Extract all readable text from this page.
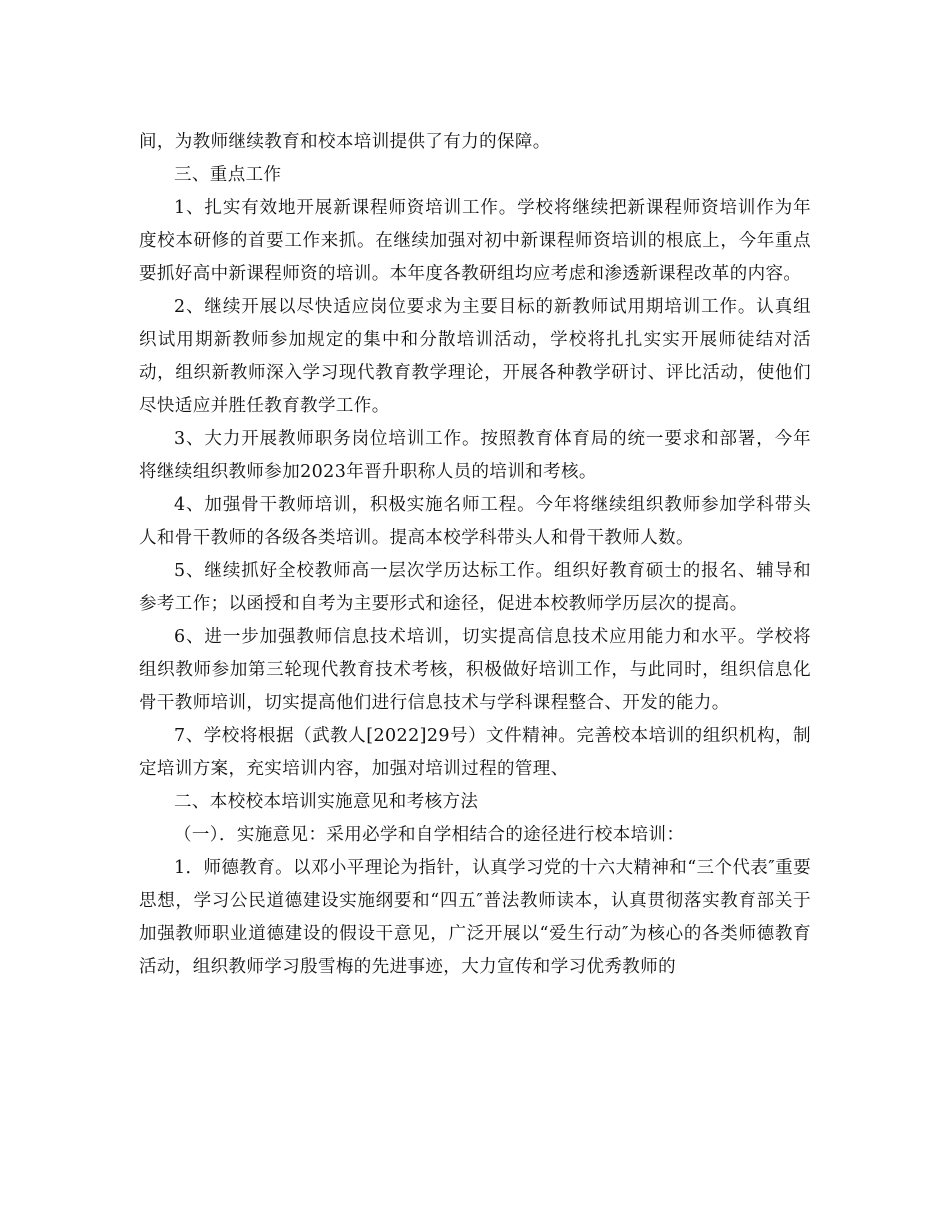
间，为教师继续教育和校本培训提供了有力的保障。

三、重点工作

1、扎实有效地开展新课程师资培训工作。学校将继续把新课程师资培训作为年度校本研修的首要工作来抓。在继续加强对初中新课程师资培训的根底上，今年重点要抓好高中新课程师资的培训。本年度各教研组均应考虑和渗透新课程改革的内容。

2、继续开展以尽快适应岗位要求为主要目标的新教师试用期培训工作。认真组织试用期新教师参加规定的集中和分散培训活动，学校将扎扎实实开展师徒结对活动，组织新教师深入学习现代教育教学理论，开展各种教学研讨、评比活动，使他们尽快适应并胜任教育教学工作。

3、大力开展教师职务岗位培训工作。按照教育体育局的统一要求和部署，今年将继续组织教师参加2023年晋升职称人员的培训和考核。

4、加强骨干教师培训，积极实施名师工程。今年将继续组织教师参加学科带头人和骨干教师的各级各类培训。提高本校学科带头人和骨干教师人数。

5、继续抓好全校教师高一层次学历达标工作。组织好教育硕士的报名、辅导和参考工作；以函授和自考为主要形式和途径，促进本校教师学历层次的提高。

6、进一步加强教师信息技术培训，切实提高信息技术应用能力和水平。学校将组织教师参加第三轮现代教育技术考核，积极做好培训工作，与此同时，组织信息化骨干教师培训，切实提高他们进行信息技术与学科课程整合、开发的能力。

7、学校将根据（武教人[2022]29号）文件精神。完善校本培训的组织机构，制定培训方案，充实培训内容，加强对培训过程的管理、

二、本校校本培训实施意见和考核方法

（一）．实施意见：采用必学和自学相结合的途径进行校本培训：

1．师德教育。以邓小平理论为指针，认真学习党的十六大精神和“三个代表″重要思想，学习公民道德建设实施纲要和“四五″普法教师读本，认真贯彻落实教育部关于加强教师职业道德建设的假设干意见，广泛开展以“爱生行动″为核心的各类师德教育活动，组织教师学习殷雪梅的先进事迹，大力宣传和学习优秀教师的
